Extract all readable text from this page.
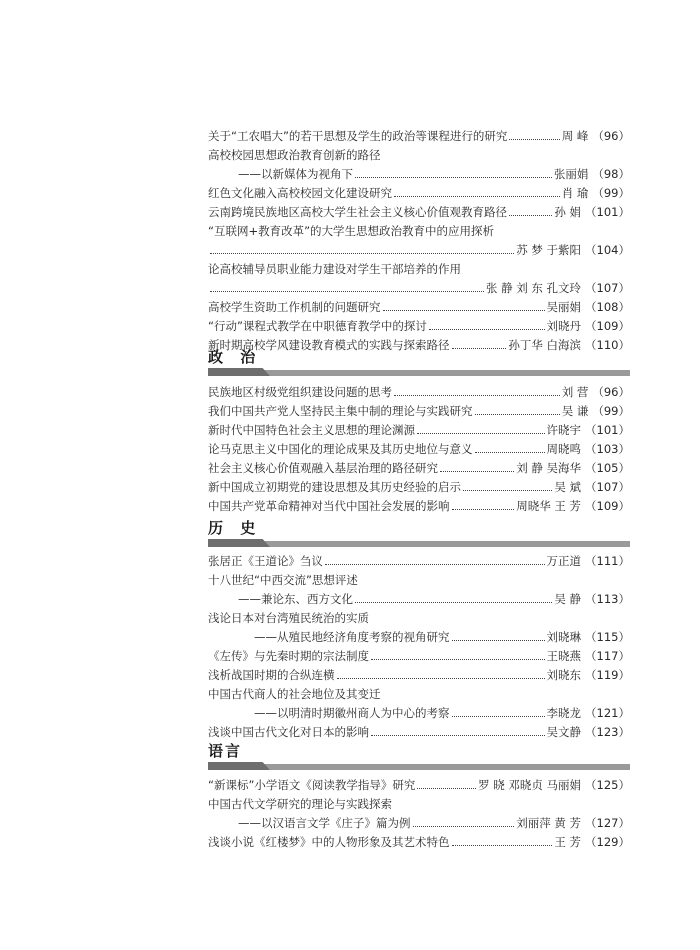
关于“工农唱大”的若干思想及学生的政治等课程进行的研究	周 峰 （96）
高校校园思想政治教育创新的路径
——以新媒体为视角下	张丽娟 （98）
红色文化融入高校校园文化建设研究	肖 瑜 （99）
云南跨境民族地区高校大学生社会主义核心价值观教育路径	孙 娟 （101）
“互联网+教育改革”的大学生思想政治教育中的应用探析
苏 梦 于紫阳 （104）
论高校辅导员职业能力建设对学生干部培养的作用
张 静 刘 东 孔文玲 （107）
高校学生资助工作机制的问题研究	吴丽娟 （108）
“行动”课程式教学在中职德育教学中的探讨	刘晓丹 （109）
新时期高校学风建设教育模式的实践与探索路径	孙丁华 白海滨 （110）
政 治
民族地区村级党组织建设问题的思考	刘 营 （96）
我们中国共产党人坚持民主集中制的理论与实践研究	吴 谦 （99）
新时代中国特色社会主义思想的理论渊源	许晓宇 （101）
论马克思主义中国化的理论成果及其历史地位与意义	周晓鸣 （103）
社会主义核心价值观融入基层治理的路径研究	刘 静 吴海华 （105）
新中国成立初期党的建设思想及其历史经验的启示	吴 斌 （107）
中国共产党革命精神对当代中国社会发展的影响	周晓华 王 芳 （109）
历 史
张居正《王道论》刍议	万正道 （111）
十八世纪“中西交流”思想评述
——兼论东、西方文化	吴 静 （113）
浅论日本对台湾殖民统治的实质
——从殖民地经济角度考察的视角研究	刘晓琳 （115）
《左传》与先秦时期的宗法制度	王晓燕 （117）
浅析战国时期的合纵连横	刘晓东 （119）
中国古代商人的社会地位及其变迁
——以明清时期徽州商人为中心的考察	李晓龙 （121）
浅谈中国古代文化对日本的影响	吴文静 （123）
语言
“新课标”小学语文《阅读教学指导》研究	罗 晓 邓晓贞 马丽娟 （125）
中国古代文学研究的理论与实践探索
——以汉语言文学《庄子》篇为例	刘丽萍 黄 芳 （127）
浅谈小说《红楼梦》中的人物形象及其艺术特色	王 芳 （129）
